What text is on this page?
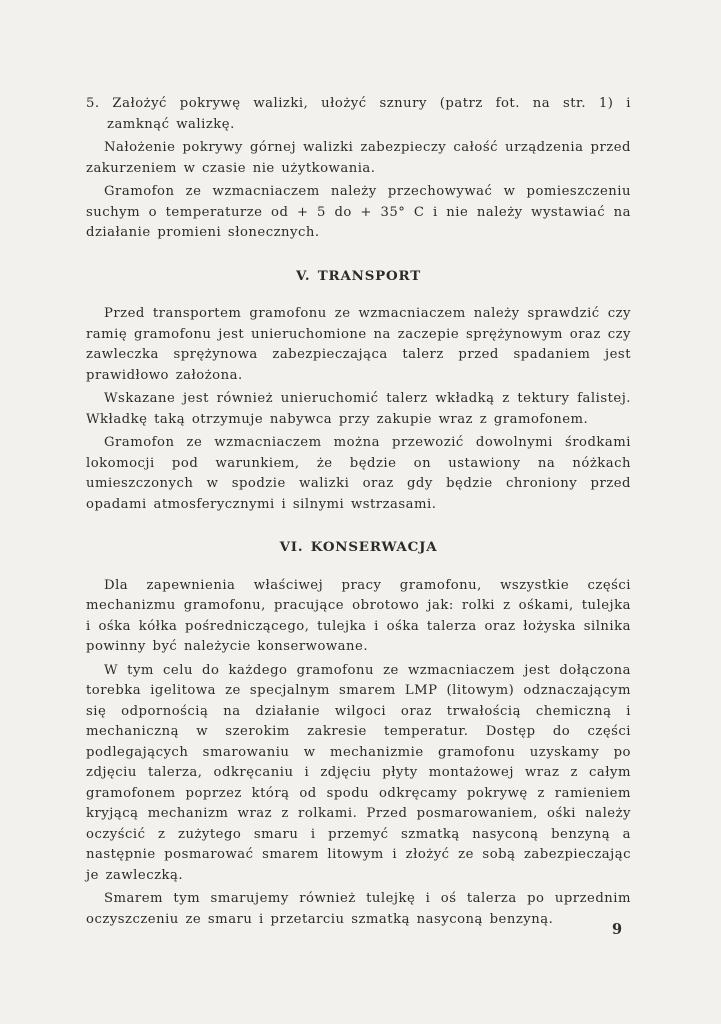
5. Założyć pokrywę walizki, ułożyć sznury (patrz fot. na str. 1) i zamknąć walizkę.

Nałożenie pokrywy górnej walizki zabezpieczy całość urządzenia przed zakurzeniem w czasie nie użytkowania.

Gramofon ze wzmacniaczem należy przechowywać w pomieszczeniu suchym o temperaturze od + 5 do + 35° C i nie należy wystawiać na działanie promieni słonecznych.

V. TRANSPORT

Przed transportem gramofonu ze wzmacniaczem należy sprawdzić czy ramię gramofonu jest unieruchomione na zaczepie sprężynowym oraz czy zawleczka sprężynowa zabezpieczająca talerz przed spadaniem jest prawidłowo założona.

Wskazane jest również unieruchomić talerz wkładką z tektury falistej. Wkładkę taką otrzymuje nabywca przy zakupie wraz z gramofonem.

Gramofon ze wzmacniaczem można przewozić dowolnymi środkami lokomocji pod warunkiem, że będzie on ustawiony na nóżkach umieszczonych w spodzie walizki oraz gdy będzie chroniony przed opadami atmosferycznymi i silnymi wstrzasami.

VI. KONSERWACJA

Dla zapewnienia właściwej pracy gramofonu, wszystkie części mechanizmu gramofonu, pracujące obrotowo jak: rolki z ośkami, tulejka i ośka kółka pośredniczącego, tulejka i ośka talerza oraz łożyska silnika powinny być należycie konserwowane.

W tym celu do każdego gramofonu ze wzmacniaczem jest dołączona torebka igelitowa ze specjalnym smarem LMP (litowym) odznaczającym się odpornością na działanie wilgoci oraz trwałością chemiczną i mechaniczną w szerokim zakresie temperatur. Dostęp do części podlegających smarowaniu w mechanizmie gramofonu uzyskamy po zdjęciu talerza, odkręcaniu i zdjęciu płyty montażowej wraz z całym gramofonem poprzez którą od spodu odkręcamy pokrywę z ramieniem kryjącą mechanizm wraz z rolkami. Przed posmarowaniem, ośki należy oczyścić z zużytego smaru i przemyć szmatką nasyconą benzyną a następnie posmarować smarem litowym i złożyć ze sobą zabezpieczając je zawleczką.

Smarem tym smarujemy również tulejkę i oś talerza po uprzednim oczyszczeniu ze smaru i przetarciu szmatką nasyconą benzyną.

9
